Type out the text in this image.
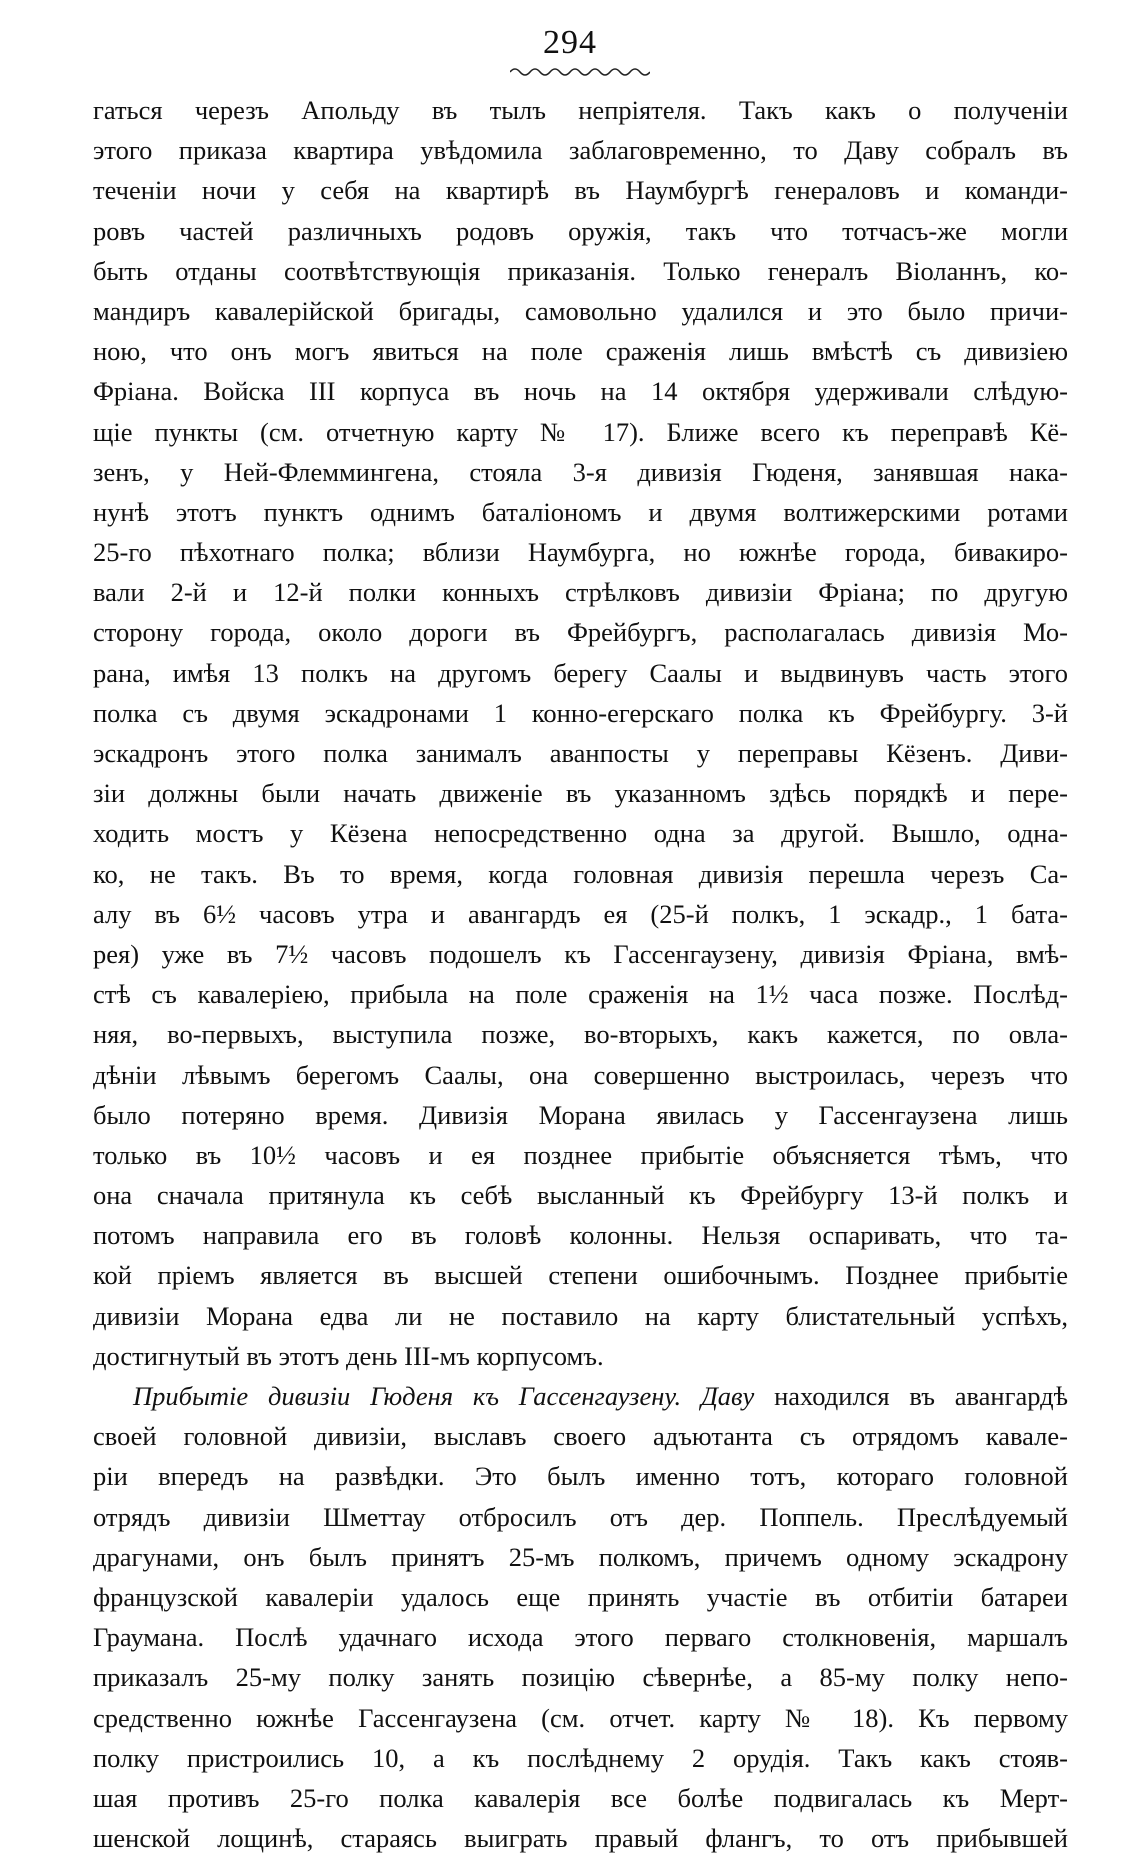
294
гаться черезъ Апольду въ тылъ непріятеля. Такъ какъ о полученіи
этого приказа квартира увѣдомила заблаговременно, то Даву собралъ въ
теченіи ночи у себя на квартирѣ въ Наумбургѣ генераловъ и команди-
ровъ частей различныхъ родовъ оружія, такъ что тотчасъ-же могли
быть отданы соотвѣтствующія приказанія. Только генералъ Віоланнъ, ко-
мандиръ кавалерійской бригады, самовольно удалился и это было причи-
ною, что онъ могъ явиться на поле сраженія лишь вмѣстѣ съ дивизіею
Фріана. Войска III корпуса въ ночь на 14 октября удерживали слѣдую-
щіе пункты (см. отчетную карту № 17). Ближе всего къ переправѣ Кё-
зенъ, у Ней-Флеммингена, стояла 3-я дивизія Гюденя, занявшая нака-
нунѣ этотъ пунктъ однимъ баталіономъ и двумя волтижерскими ротами
25-го пѣхотнаго полка; вблизи Наумбурга, но южнѣе города, бивакиро-
вали 2-й и 12-й полки конныхъ стрѣлковъ дивизіи Фріана; по другую
сторону города, около дороги въ Фрейбургъ, располагалась дивизія Мо-
рана, имѣя 13 полкъ на другомъ берегу Саалы и выдвинувъ часть этого
полка съ двумя эскадронами 1 конно-егерскаго полка къ Фрейбургу. 3-й
эскадронъ этого полка занималъ аванпосты у переправы Кёзенъ. Диви-
зіи должны были начать движеніе въ указанномъ здѣсь порядкѣ и пере-
ходить мостъ у Кёзена непосредственно одна за другой. Вышло, одна-
ко, не такъ. Въ то время, когда головная дивизія перешла черезъ Са-
алу въ 6½ часовъ утра и авангардъ ея (25-й полкъ, 1 эскадр., 1 бата-
рея) уже въ 7½ часовъ подошелъ къ Гассенгаузену, дивизія Фріана, вмѣ-
стѣ съ кавалеріею, прибыла на поле сраженія на 1½ часа позже. Послѣд-
няя, во-первыхъ, выступила позже, во-вторыхъ, какъ кажется, по овла-
дѣніи лѣвымъ берегомъ Саалы, она совершенно выстроилась, черезъ что
было потеряно время. Дивизія Морана явилась у Гассенгаузена лишь
только въ 10½ часовъ и ея позднее прибытіе объясняется тѣмъ, что
она сначала притянула къ себѣ высланный къ Фрейбургу 13-й полкъ и
потомъ направила его въ головѣ колонны. Нельзя оспаривать, что та-
кой пріемъ является въ высшей степени ошибочнымъ. Позднее прибытіе
дивизіи Морана едва ли не поставило на карту блистательный успѣхъ,
достигнутый въ этотъ день III-мъ корпусомъ.
Прибытіе дивизіи Гюденя къ Гассенгаузену. Даву находился въ авангардѣ
своей головной дивизіи, выславъ своего адъютанта съ отрядомъ кавале-
ріи впередъ на развѣдки. Это былъ именно тотъ, котораго головной
отрядъ дивизіи Шметтау отбросилъ отъ дер. Поппель. Преслѣдуемый
драгунами, онъ былъ принятъ 25-мъ полкомъ, причемъ одному эскадрону
французской кавалеріи удалось еще принять участіе въ отбитіи батареи
Граумана. Послѣ удачнаго исхода этого перваго столкновенія, маршалъ
приказалъ 25-му полку занять позицію сѣвернѣе, а 85-му полку непо-
средственно южнѣе Гассенгаузена (см. отчет. карту № 18). Къ первому
полку пристроились 10, а къ послѣднему 2 орудія. Такъ какъ стояв-
шая противъ 25-го полка кавалерія все болѣе подвигалась къ Мерт-
шенской лощинѣ, стараясь выиграть правый флангъ, то отъ прибывшей
